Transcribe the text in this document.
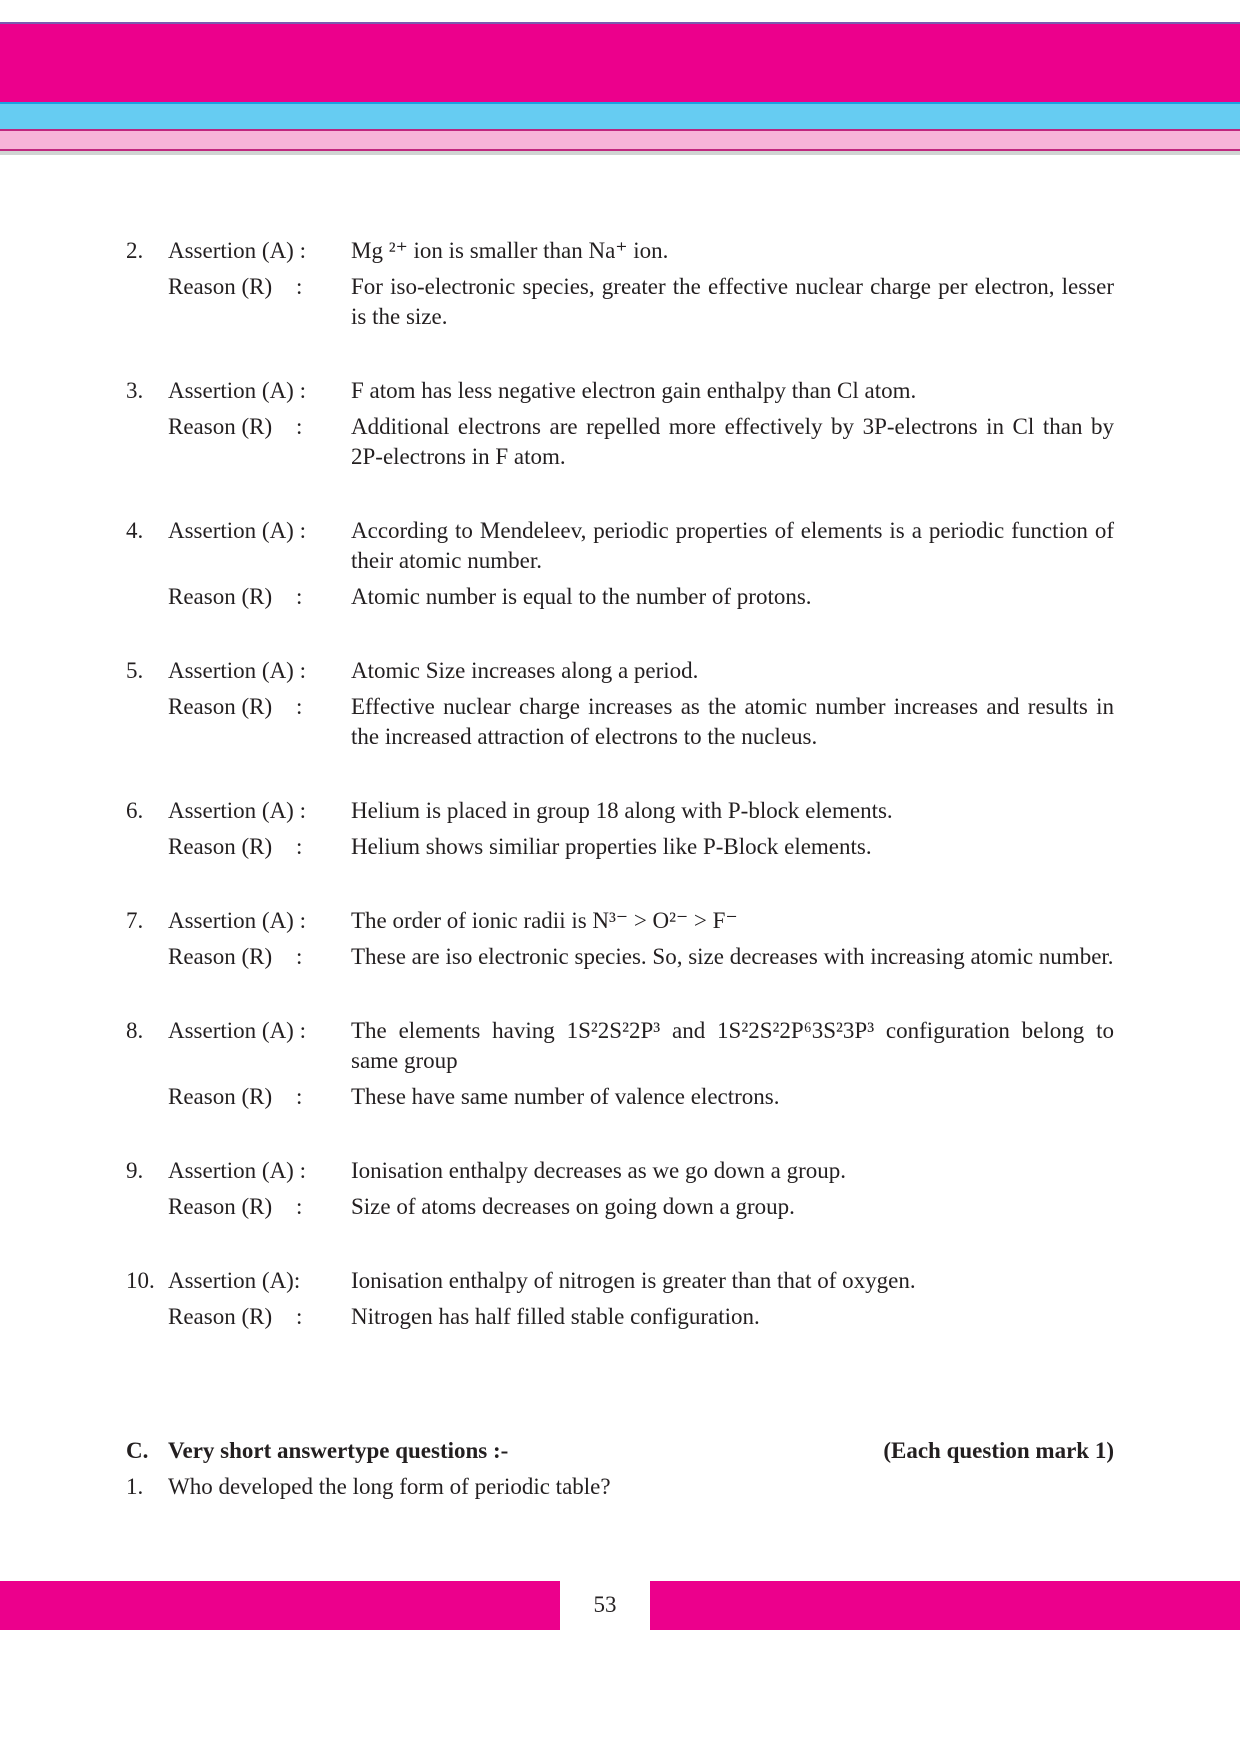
2.	Assertion (A) : Mg ²⁺ ion is smaller than Na⁺ ion.
Reason (R)	:	For iso-electronic species, greater the effective nuclear charge per electron, lesser is the size.
3.	Assertion (A) : F atom has less negative electron gain enthalpy than Cl atom.
Reason (R)	:	Additional electrons are repelled more effectively by 3P-electrons in Cl than by 2P-electrons in F atom.
4.	Assertion (A) : According to Mendeleev, periodic properties of elements is a periodic function of their atomic number.
Reason (R)	:	Atomic number is equal to the number of protons.
5.	Assertion (A) : Atomic Size increases along a period.
Reason (R)	:	Effective nuclear charge increases as the atomic number increases and results in the increased attraction of electrons to the nucleus.
6.	Assertion (A) : Helium is placed in group 18 along with P-block elements.
Reason (R)	:	Helium shows similiar properties like P-Block elements.
7.	Assertion (A) : The order of ionic radii is N³⁻ > O²⁻ > F⁻
Reason (R)	:	These are iso electronic species. So, size decreases with increasing atomic number.
8.	Assertion (A) : The elements having 1S²2S²2P³ and 1S²2S²2P⁶3S²3P³ configuration belong to same group
Reason (R)	:	These have same number of valence electrons.
9.	Assertion (A) : Ionisation enthalpy decreases as we go down a group.
Reason (R)	:	Size of atoms decreases on going down a group.
10. Assertion (A):	Ionisation enthalpy of nitrogen is greater than that of oxygen.
Reason (R)	:	Nitrogen has half filled stable configuration.
C. Very short answertype questions :-	(Each question mark 1)
1.	Who developed the long form of periodic table?
53
